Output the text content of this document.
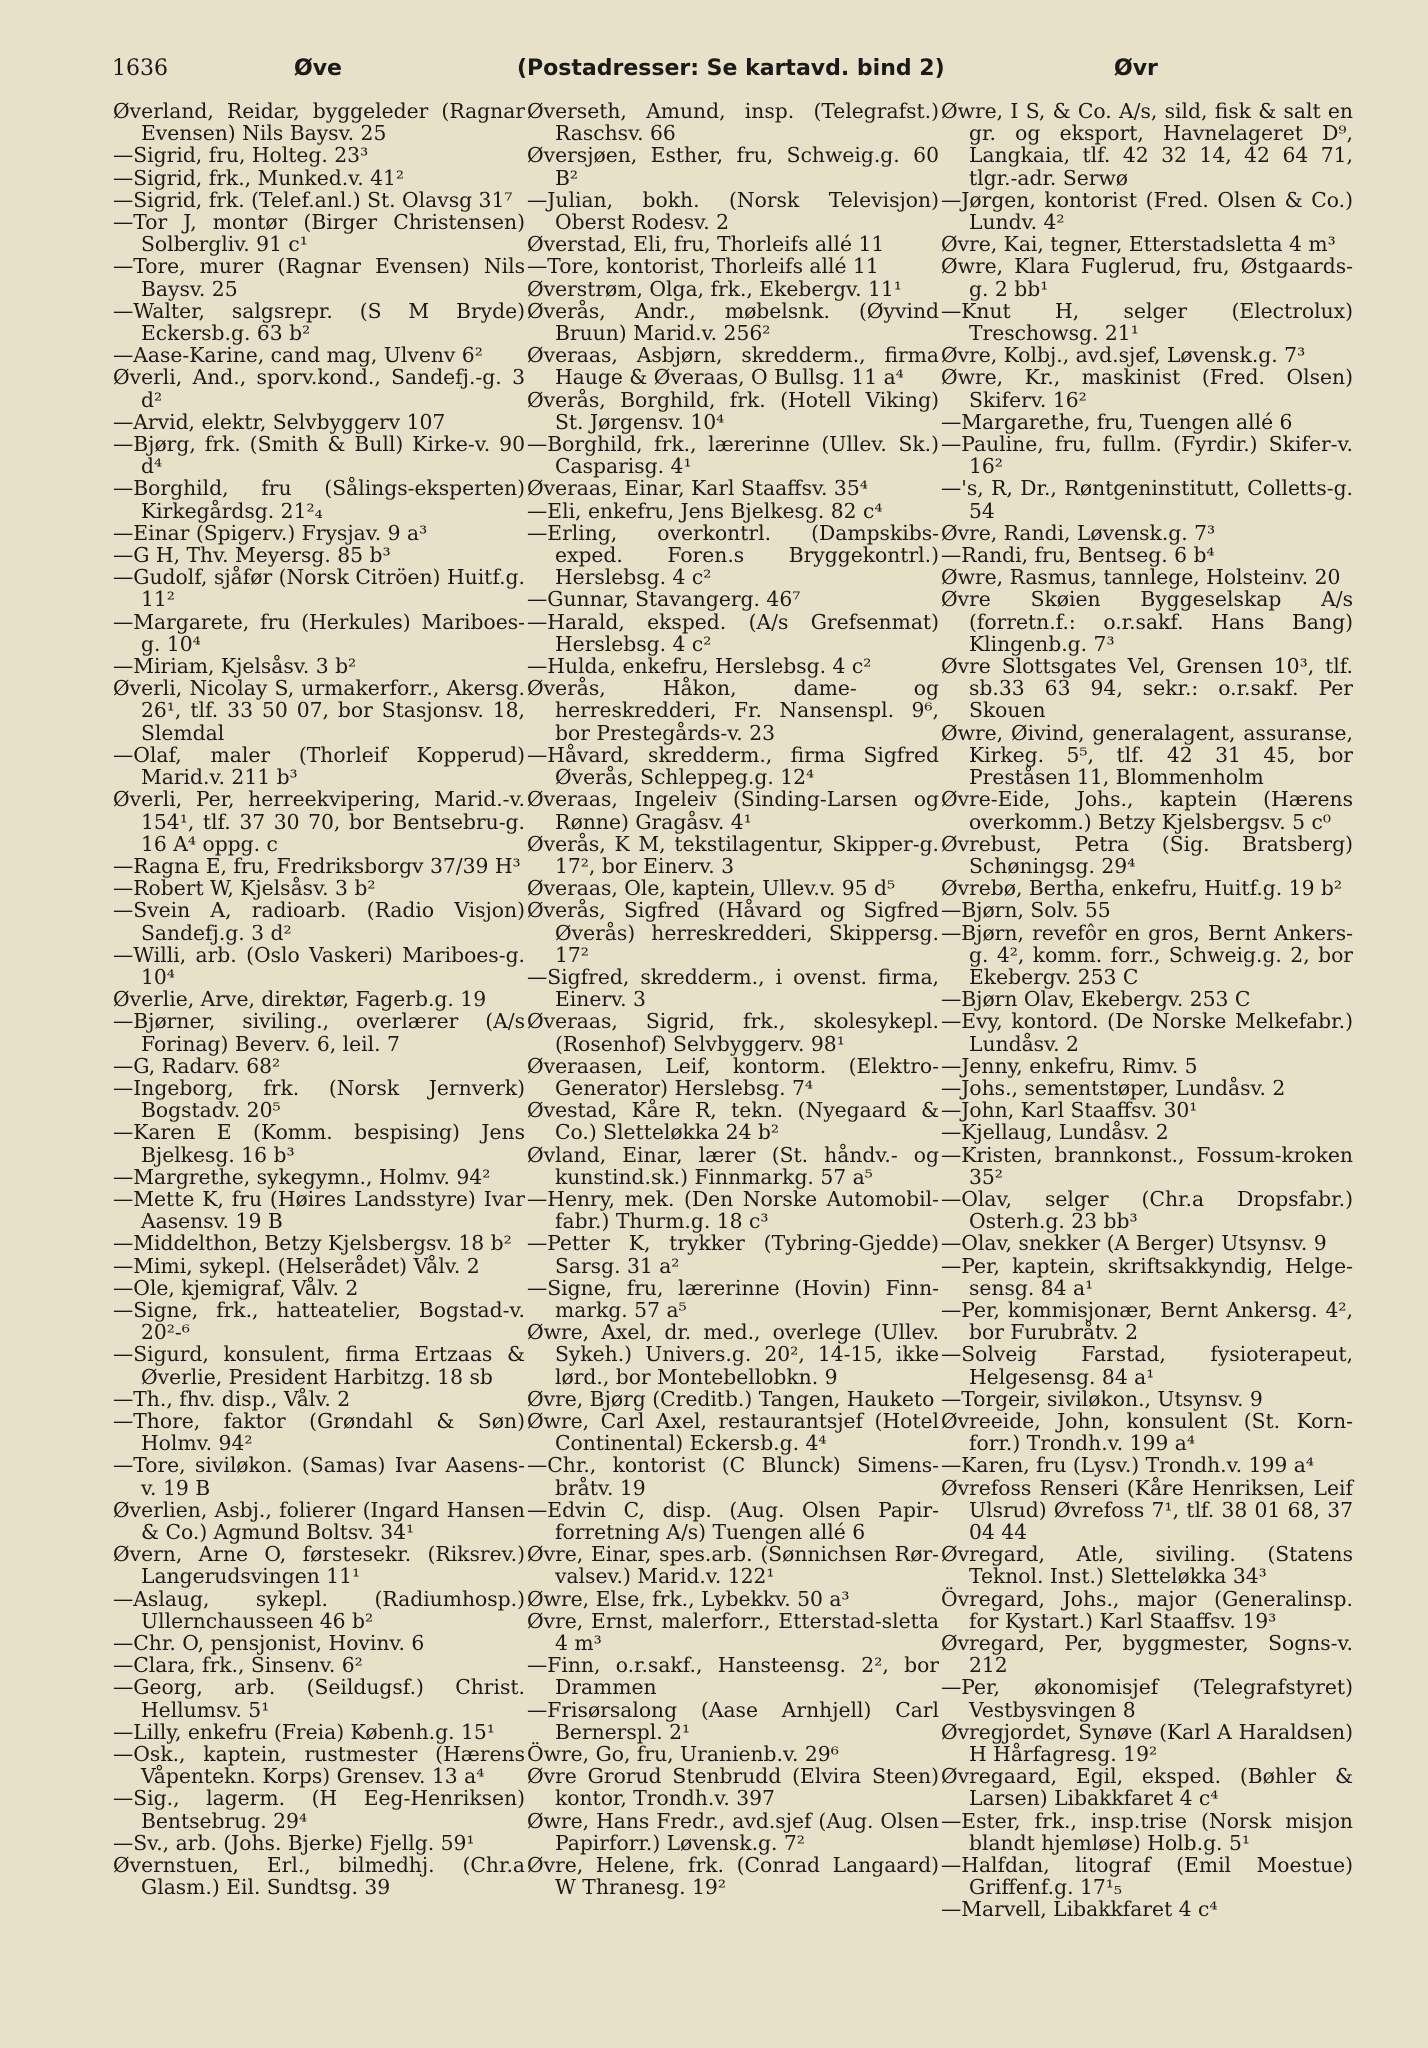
1636	Øve	(Postadresser: Se kartavd. bind 2)	Øvr
Øverland, Reidar, byggeleder (Ragnar Evensen) Nils Baysv. 25
—Sigrid, fru, Holteg. 23³
—Sigrid, frk., Munked.v. 41²
—Sigrid, frk. (Telef.anl.) St. Olavsg 31⁷
—Tor J, montør (Birger Christensen) Solbergliv. 91 c¹
—Tore, murer (Ragnar Evensen) Nils Baysv. 25
—Walter, salgsrepr. (S M Bryde) Eckersb.g. 63 b²
—Aase-Karine, cand mag, Ulvenv 6²
Øverli, And., sporv.kond., Sandefj.-g. 3 d²
—Arvid, elektr, Selvbyggerv 107
—Bjørg, frk. (Smith & Bull) Kirke-v. 90 d⁴
—Borghild, fru (Sålings-eksperten) Kirkegårdsg. 21²₄
—Einar (Spigerv.) Frysjav. 9 a³
—G H, Thv. Meyersg. 85 b³
—Gudolf, sjåfør (Norsk Citröen) Huitf.g. 11²
—Margarete, fru (Herkules) Mariboes-g. 10⁴
—Miriam, Kjelsåsv. 3 b²
Øverli, Nicolay S, urmakerforr., Akersg. 26¹, tlf. 33 50 07, bor Stasjonsv. 18, Slemdal
—Olaf, maler (Thorleif Kopperud) Marid.v. 211 b³
Øverli, Per, herreekvipering, Marid.-v. 154¹, tlf. 37 30 70, bor Bentsebru-g. 16 A⁴ oppg. c
—Ragna E, fru, Fredriksborgv 37/39 H³
—Robert W, Kjelsåsv. 3 b²
—Svein A, radioarb. (Radio Visjon) Sandefj.g. 3 d²
—Willi, arb. (Oslo Vaskeri) Mariboes-g. 10⁴
Øverlie, Arve, direktør, Fagerb.g. 19
—Bjørner, siviling., overlærer (A/s Forinag) Beverv. 6, leil. 7
—G, Radarv. 68²
—Ingeborg, frk. (Norsk Jernverk) Bogstadv. 20⁵
—Karen E (Komm. bespising) Jens Bjelkesg. 16 b³
—Margrethe, sykegymn., Holmv. 94²
—Mette K, fru (Høires Landsstyre) Ivar Aasensv. 19 B
—Middelthon, Betzy Kjelsbergsv. 18 b²
—Mimi, sykepl. (Helserådet) Vålv. 2
—Ole, kjemigraf, Vålv. 2
—Signe, frk., hatteatelier, Bogstad-v. 20²-⁶
—Sigurd, konsulent, firma Ertzaas & Øverlie, President Harbitzg. 18 sb
—Th., fhv. disp., Vålv. 2
—Thore, faktor (Grøndahl & Søn) Holmv. 94²
—Tore, siviløkon. (Samas) Ivar Aasens-v. 19 B
Øverlien, Asbj., folierer (Ingard Hansen & Co.) Agmund Boltsv. 34¹
Øvern, Arne O, førstesekr. (Riksrev.) Langerudsvingen 11¹
—Aslaug, sykepl. (Radiumhosp.) Ullernchausseen 46 b²
—Chr. O, pensjonist, Hovinv. 6
—Clara, frk., Sinsenv. 6²
—Georg, arb. (Seildugsf.) Christ. Hellumsv. 5¹
—Lilly, enkefru (Freia) Københ.g. 15¹
—Osk., kaptein, rustmester (Hærens Våpentekn. Korps) Grensev. 13 a⁴
—Sig., lagerm. (H Eeg-Henriksen) Bentsebrug. 29⁴
—Sv., arb. (Johs. Bjerke) Fjellg. 59¹
Øvernstuen, Erl., bilmedhj. (Chr.a Glasm.) Eil. Sundtsg. 39
Øverseth, Amund, insp. (Telegrafst.) Raschsv. 66
Øversjøen, Esther, fru, Schweig.g. 60 B²
—Julian, bokh. (Norsk Televisjon) Oberst Rodesv. 2
Øverstad, Eli, fru, Thorleifs allé 11
—Tore, kontorist, Thorleifs allé 11
Øverstrøm, Olga, frk., Ekebergv. 11¹
Øverås, Andr., møbelsnk. (Øyvind Bruun) Marid.v. 256²
Øveraas, Asbjørn, skredderm., firma Hauge & Øveraas, O Bullsg. 11 a⁴
Øverås, Borghild, frk. (Hotell Viking) St. Jørgensv. 10⁴
—Borghild, frk., lærerinne (Ullev. Sk.) Casparisg. 4¹
Øveraas, Einar, Karl Staaffsv. 35⁴
—Eli, enkefru, Jens Bjelkesg. 82 c⁴
—Erling, overkontrl. (Dampskibs-exped. Foren.s Bryggekontrl.) Herslebsg. 4 c²
—Gunnar, Stavangerg. 46⁷
—Harald, eksped. (A/s Grefsenmat) Herslebsg. 4 c²
—Hulda, enkefru, Herslebsg. 4 c²
Øverås, Håkon, dame- og herreskredderi, Fr. Nansenspl. 9⁶, bor Prestegårds-v. 23
—Håvard, skredderm., firma Sigfred Øverås, Schleppeg.g. 12⁴
Øveraas, Ingeleiv (Sinding-Larsen og Rønne) Gragåsv. 4¹
Øverås, K M, tekstilagentur, Skipper-g. 17², bor Einerv. 3
Øveraas, Ole, kaptein, Ullev.v. 95 d⁵
Øverås, Sigfred (Håvard og Sigfred Øverås) herreskredderi, Skippersg. 17²
—Sigfred, skredderm., i ovenst. firma, Einerv. 3
Øveraas, Sigrid, frk., skolesykepl. (Rosenhof) Selvbyggerv. 98¹
Øveraasen, Leif, kontorm. (Elektro-Generator) Herslebsg. 7⁴
Øvestad, Kåre R, tekn. (Nyegaard & Co.) Sletteløkka 24 b²
Øvland, Einar, lærer (St. håndv.- og kunstind.sk.) Finnmarkg. 57 a⁵
—Henry, mek. (Den Norske Automobil-fabr.) Thurm.g. 18 c³
—Petter K, trykker (Tybring-Gjedde) Sarsg. 31 a²
—Signe, fru, lærerinne (Hovin) Finn-markg. 57 a⁵
Øwre, Axel, dr. med., overlege (Ullev. Sykeh.) Univers.g. 20², 14-15, ikke lørd., bor Montebellobkn. 9
Øvre, Bjørg (Creditb.) Tangen, Hauketo
Øwre, Carl Axel, restaurantsjef (Hotel Continental) Eckersb.g. 4⁴
—Chr., kontorist (C Blunck) Simens-bråtv. 19
—Edvin C, disp. (Aug. Olsen Papir-forretning A/s) Tuengen allé 6
Øvre, Einar, spes.arb. (Sønnichsen Rør-valsev.) Marid.v. 122¹
Øwre, Else, frk., Lybekkv. 50 a³
Øvre, Ernst, malerforr., Etterstad-sletta 4 m³
—Finn, o.r.sakf., Hansteensg. 2², bor Drammen
—Frisørsalong (Aase Arnhjell) Carl Bernerspl. 2¹
Öwre, Go, fru, Uranienb.v. 29⁶
Øvre Grorud Stenbrudd (Elvira Steen) kontor, Trondh.v. 397
Øwre, Hans Fredr., avd.sjef (Aug. Olsen Papirforr.) Løvensk.g. 7²
Øvre, Helene, frk. (Conrad Langaard) W Thranesg. 19²
Øwre, I S, & Co. A/s, sild, fisk & salt en gr. og eksport, Havnelageret D⁹, Langkaia, tlf. 42 32 14, 42 64 71, tlgr.-adr. Serwø
—Jørgen, kontorist (Fred. Olsen & Co.) Lundv. 4²
Øvre, Kai, tegner, Etterstadsletta 4 m³
Øwre, Klara Fuglerud, fru, Østgaards-g. 2 bb¹
—Knut H, selger (Electrolux) Treschowsg. 21¹
Øvre, Kolbj., avd.sjef, Løvensk.g. 7³
Øwre, Kr., maskinist (Fred. Olsen) Skiferv. 16²
—Margarethe, fru, Tuengen allé 6
—Pauline, fru, fullm. (Fyrdir.) Skifer-v. 16²
—'s, R, Dr., Røntgeninstitutt, Colletts-g. 54
Øvre, Randi, Løvensk.g. 7³
—Randi, fru, Bentseg. 6 b⁴
Øwre, Rasmus, tannlege, Holsteinv. 20
Øvre Skøien Byggeselskap A/s (forretn.f.: o.r.sakf. Hans Bang) Klingenb.g. 7³
Øvre Slottsgates Vel, Grensen 10³, tlf. sb.33 63 94, sekr.: o.r.sakf. Per Skouen
Øwre, Øivind, generalagent, assuranse, Kirkeg. 5⁵, tlf. 42 31 45, bor Preståsen 11, Blommenholm
Øvre-Eide, Johs., kaptein (Hærens overkomm.) Betzy Kjelsbergsv. 5 c⁰
Øvrebust, Petra (Sig. Bratsberg) Schøningsg. 29⁴
Øvrebø, Bertha, enkefru, Huitf.g. 19 b²
—Bjørn, Solv. 55
—Bjørn, revefôr en gros, Bernt Ankers-g. 4², komm. forr., Schweig.g. 2, bor Ekebergv. 253 C
—Bjørn Olav, Ekebergv. 253 C
—Evy, kontord. (De Norske Melkefabr.) Lundåsv. 2
—Jenny, enkefru, Rimv. 5
—Johs., sementstøper, Lundåsv. 2
—John, Karl Staaffsv. 30¹
—Kjellaug, Lundåsv. 2
—Kristen, brannkonst., Fossum-kroken 35²
—Olav, selger (Chr.a Dropsfabr.) Osterh.g. 23 bb³
—Olav, snekker (A Berger) Utsynsv. 9
—Per, kaptein, skriftsakkyndig, Helge-sensg. 84 a¹
—Per, kommisjonær, Bernt Ankersg. 4², bor Furubråtv. 2
—Solveig Farstad, fysioterapeut, Helgesensg. 84 a¹
—Torgeir, siviløkon., Utsynsv. 9
Øvreeide, John, konsulent (St. Korn-forr.) Trondh.v. 199 a⁴
—Karen, fru (Lysv.) Trondh.v. 199 a⁴
Øvrefoss Renseri (Kåre Henriksen, Leif Ulsrud) Øvrefoss 7¹, tlf. 38 01 68, 37 04 44
Øvregard, Atle, siviling. (Statens Teknol. Inst.) Sletteløkka 34³
Övregard, Johs., major (Generalinsp. for Kystart.) Karl Staaffsv. 19³
Øvregard, Per, byggmester, Sogns-v. 212
—Per, økonomisjef (Telegrafstyret) Vestbysvingen 8
Øvregjordet, Synøve (Karl A Haraldsen) H Hårfagresg. 19²
Øvregaard, Egil, eksped. (Bøhler & Larsen) Libakkfaret 4 c⁴
—Ester, frk., insp.trise (Norsk misjon blandt hjemløse) Holb.g. 5¹
—Halfdan, litograf (Emil Moestue) Griffenf.g. 17¹₅
—Marvell, Libakkfaret 4 c⁴
